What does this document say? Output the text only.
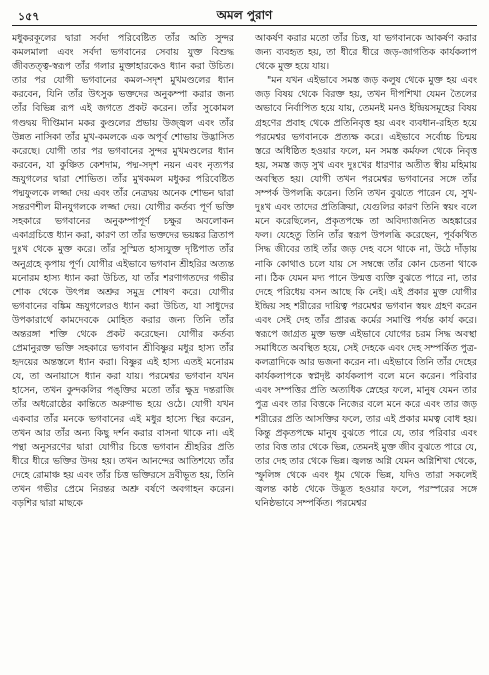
১৫৭	অমল পুরাণ

মধুকরকূলের দ্বারা সর্বদা পরিবেষ্টিত তাঁর অতি সুন্দর কমলমালা এবং সর্বদা ভগবানের সেবায় যুক্ত বিশুদ্ধ জীবতত্ত্ব-স্বরূপ তাঁর গলার মুক্তাহারকেও ধ্যান করা উচিত। তার পর যোগী ভগবানের কমল-সদৃশ মুখমণ্ডলের ধ্যান করবেন, যিনি তাঁর উৎসুক ভক্তদের অনুকম্পা করার জন্য তাঁর বিভিন্ন রূপ এই জগতে প্রকট করেন। তাঁর সুকোমল গণ্ডদ্বয় দীপ্তিমান মকর কুণ্ডলের প্রভায় উজ্জ্বল এবং তাঁর উন্নত নাসিকা তাঁর মুখ-কমলকে এক অপূর্ব শোভায় উদ্ভাসিত করেছে। যোগী তার পর ভগবানের সুন্দর মুখমণ্ডলের ধ্যান করবেন, যা কুঞ্চিত কেশদাম, পদ্ম-সদৃশ নয়ন এবং নৃত্যপর ভ্রূযুগলের দ্বারা শোভিত। তাঁর মুখকমল মধুকর পরিবেষ্টিত পদ্মফুলকে লজ্জা দেয় এবং তাঁর নেত্রদ্বয় অনেক শোভন দ্বারা সন্তরণশীল মীনযুগলকে লজ্জা দেয়। যোগীর কর্তব্য পূর্ণ ভক্তি সহকারে ভগবানের অনুকম্পাপূর্ণ চক্ষুর অবলোকন একাগ্রচিত্তে ধ্যান করা, কারণ তা তাঁর ভক্তদের ভয়ঙ্কর ত্রিতাপ দুঃখ থেকে মুক্ত করে। তাঁর সুস্মিত হাস্যযুক্ত দৃষ্টিপাত তাঁর অনুগ্রহে কৃপায় পূর্ণ। যোগীর এইভাবে ভগবান শ্রীহরির অত্যন্ত মনোরম হাস্য ধ্যান করা উচিত, যা তাঁর শরণাগতদের গভীর শোক থেকে উৎপন্ন অশ্রুর সমুদ্র শোষণ করে। যোগীর ভগবানের বঙ্কিম ভ্রূযুগলেরও ধ্যান করা উচিত, যা সাধুদের উপকারার্থে কামদেবকে মোহিত করার জন্য তিনি তাঁর অন্তরঙ্গা শক্তি থেকে প্রকট করেছেন। যোগীর কর্তব্য প্রেমানুরক্ত ভক্তি সহকারে ভগবান শ্রীবিষ্ণুর মধুর হাস্য তাঁর হৃদয়ের অন্তস্তলে ধ্যান করা। বিষ্ণুর এই হাস্য এতই মনোরম যে, তা অনায়াসে ধ্যান করা যায়। পরমেশ্বর ভগবান যখন হাসেন, তখন কুন্দকলির পঙ্‌ক্তির মতো তাঁর ক্ষুদ্র দন্তরাজি তাঁর অধরোষ্ঠের কান্তিতে অরুণাভ হয়ে ওঠে। যোগী যখন একবার তাঁর মনকে ভগবানের এই মধুর হাস্যে স্থির করেন, তখন আর তাঁর অন্য কিছু দর্শন করার বাসনা থাকে না। এই পন্থা অনুসরণের দ্বারা যোগীর চিত্তে ভগবান শ্রীহরির প্রতি ধীরে ধীরে ভক্তির উদয় হয়। তখন আনন্দের আতিশয্যে তাঁর দেহে রোমাঞ্চ হয় এবং তাঁর চিত্ত ভক্তিরসে দ্রবীভূত হয়, তিনি তখন গভীর প্রেমে নিরন্তর অশ্রু বর্ষণে অবগাহন করেন। বড়শির দ্বারা মাছকে

আকর্ষণ করার মতো তাঁর চিত্ত, যা ভগবানকে আকর্ষণ করার জন্য ব্যবহৃত হয়, তা ধীরে ধীরে জড়-জাগতিক কার্যকলাপ থেকে মুক্ত হয়ে যায়।

"মন যখন এইভাবে সমস্ত জড় কলুষ থেকে মুক্ত হয় এবং জড় বিষয় থেকে বিরক্ত হয়, তখন দীপশিখা যেমন তৈলের অভাবে নির্বাপিত হয়ে যায়, তেমনই মনও ইন্দ্রিয়সমূহের বিষয় গ্রহণের প্রবাহ থেকে প্রতিনিবৃত্ত হয় এবং ব্যবধান-রহিত হয়ে পরমেশ্বর ভগবানকে প্রত্যক্ষ করে। এইভাবে সর্বোচ্চ চিন্ময় স্তরে অধিষ্ঠিত হওয়ার ফলে, মন সমস্ত কর্মফল থেকে নিবৃত্ত হয়, সমস্ত জড় সুখ এবং দুঃখের ধারণার অতীত স্বীয় মহিমায় অবস্থিত হয়। যোগী তখন পরমেশ্বর ভগবানের সঙ্গে তাঁর সম্পর্ক উপলব্ধি করেন। তিনি তখন বুঝতে পারেন যে, সুখ-দুঃখ এবং তাদের প্রতিক্রিয়া, যেগুলির কারণ তিনি স্বয়ং বলে মনে করেছিলেন, প্রকৃতপক্ষে তা অবিদ্যাজনিত অহঙ্কারের ফল। যেহেতু তিনি তাঁর স্বরূপ উপলব্ধি করেছেন, পূর্বকথিত সিদ্ধ জীবের তাই তাঁর জড় দেহ বসে থাকে না, উঠে দাঁড়ায় নাকি কোথাও চলে যায় সে সম্বন্ধে তাঁর কোন চেতনা থাকে না। ঠিক যেমন মদ্য পানে উন্মত্ত ব্যক্তি বুঝতে পারে না, তার দেহে পরিধেয় বসন আছে কি নেই। এই প্রকার মুক্ত যোগীর ইন্দ্রিয় সহ শরীরের দায়িত্ব পরমেশ্বর ভগবান স্বয়ং গ্রহণ করেন এবং সেই দেহ তাঁর প্রারব্ধ কর্মের সমাপ্তি পর্যন্ত কার্য করে। স্বরূপে জাগ্রত মুক্ত ভক্ত এইভাবে যোগের চরম সিদ্ধ অবস্থা সমাধিতে অবস্থিত হয়ে, সেই দেহকে এবং দেহ সম্পর্কিত পুত্র-কলত্রাদিকে আর ভজনা করেন না। এইভাবে তিনি তাঁর দেহের কার্যকলাপকে স্বপ্নদৃষ্ট কার্যকলাপ বলে মনে করেন। পরিবার এবং সম্পত্তির প্রতি অত্যধিক স্নেহের ফলে, মানুষ যেমন তার পুত্র এবং তার বিত্তকে নিজের বলে মনে করে এবং তার জড় শরীরের প্রতি আসক্তির ফলে, তার এই প্রকার মমত্ব বোধ হয়। কিন্তু প্রকৃতপক্ষে মানুষ বুঝতে পারে যে, তার পরিবার এবং তার বিত্ত তার থেকে ভিন্ন, তেমনই মুক্ত জীব বুঝতে পারে যে, তার দেহ তার থেকে ভিন্ন। জ্বলন্ত অগ্নি যেমন অগ্নিশিখা থেকে, স্ফুলিঙ্গ থেকে এবং ধূম থেকে ভিন্ন, যদিও তারা সকলেই জ্বলন্ত কাষ্ঠ থেকে উদ্ভূত হওয়ার ফলে, পরস্পরের সঙ্গে ঘনিষ্ঠভাবে সম্পর্কিত। পরমেশ্বর
